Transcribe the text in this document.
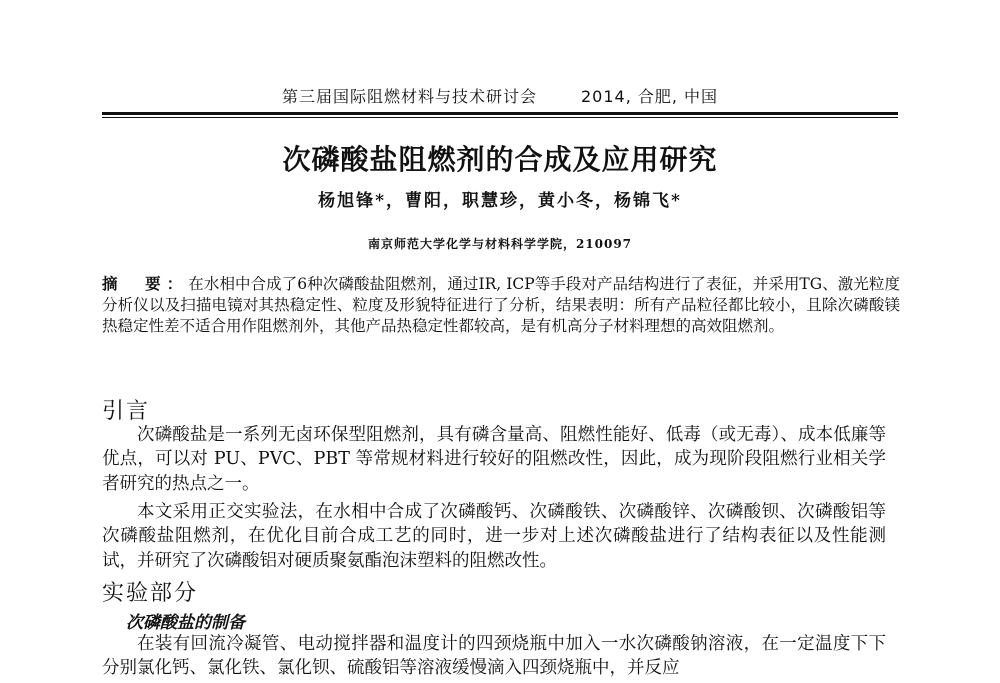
第三届国际阻燃材料与技术研讨会	2014, 合肥, 中国
次磷酸盐阻燃剂的合成及应用研究
杨旭锋*，曹阳，职慧珍，黄小冬，杨锦飞*
南京师范大学化学与材料科学学院，210097
摘　要：在水相中合成了6种次磷酸盐阻燃剂，通过IR, ICP等手段对产品结构进行了表征，并采用TG、激光粒度分析仪以及扫描电镜对其热稳定性、粒度及形貌特征进行了分析，结果表明：所有产品粒径都比较小，且除次磷酸镁热稳定性差不适合用作阻燃剂外，其他产品热稳定性都较高，是有机高分子材料理想的高效阻燃剂。
引言
次磷酸盐是一系列无卤环保型阻燃剂，具有磷含量高、阻燃性能好、低毒（或无毒）、成本低廉等优点，可以对 PU、PVC、PBT 等常规材料进行较好的阻燃改性，因此，成为现阶段阻燃行业相关学者研究的热点之一。
本文采用正交实验法，在水相中合成了次磷酸钙、次磷酸铁、次磷酸锌、次磷酸钡、次磷酸铝等次磷酸盐阻燃剂，在优化目前合成工艺的同时，进一步对上述次磷酸盐进行了结构表征以及性能测试，并研究了次磷酸铝对硬质聚氨酯泡沫塑料的阻燃改性。
实验部分
次磷酸盐的制备
在装有回流冷凝管、电动搅拌器和温度计的四颈烧瓶中加入一水次磷酸钠溶液，在一定温度下下分别氯化钙、氯化铁、氯化钡、硫酸铝等溶液缓慢滴入四颈烧瓶中，并反应
